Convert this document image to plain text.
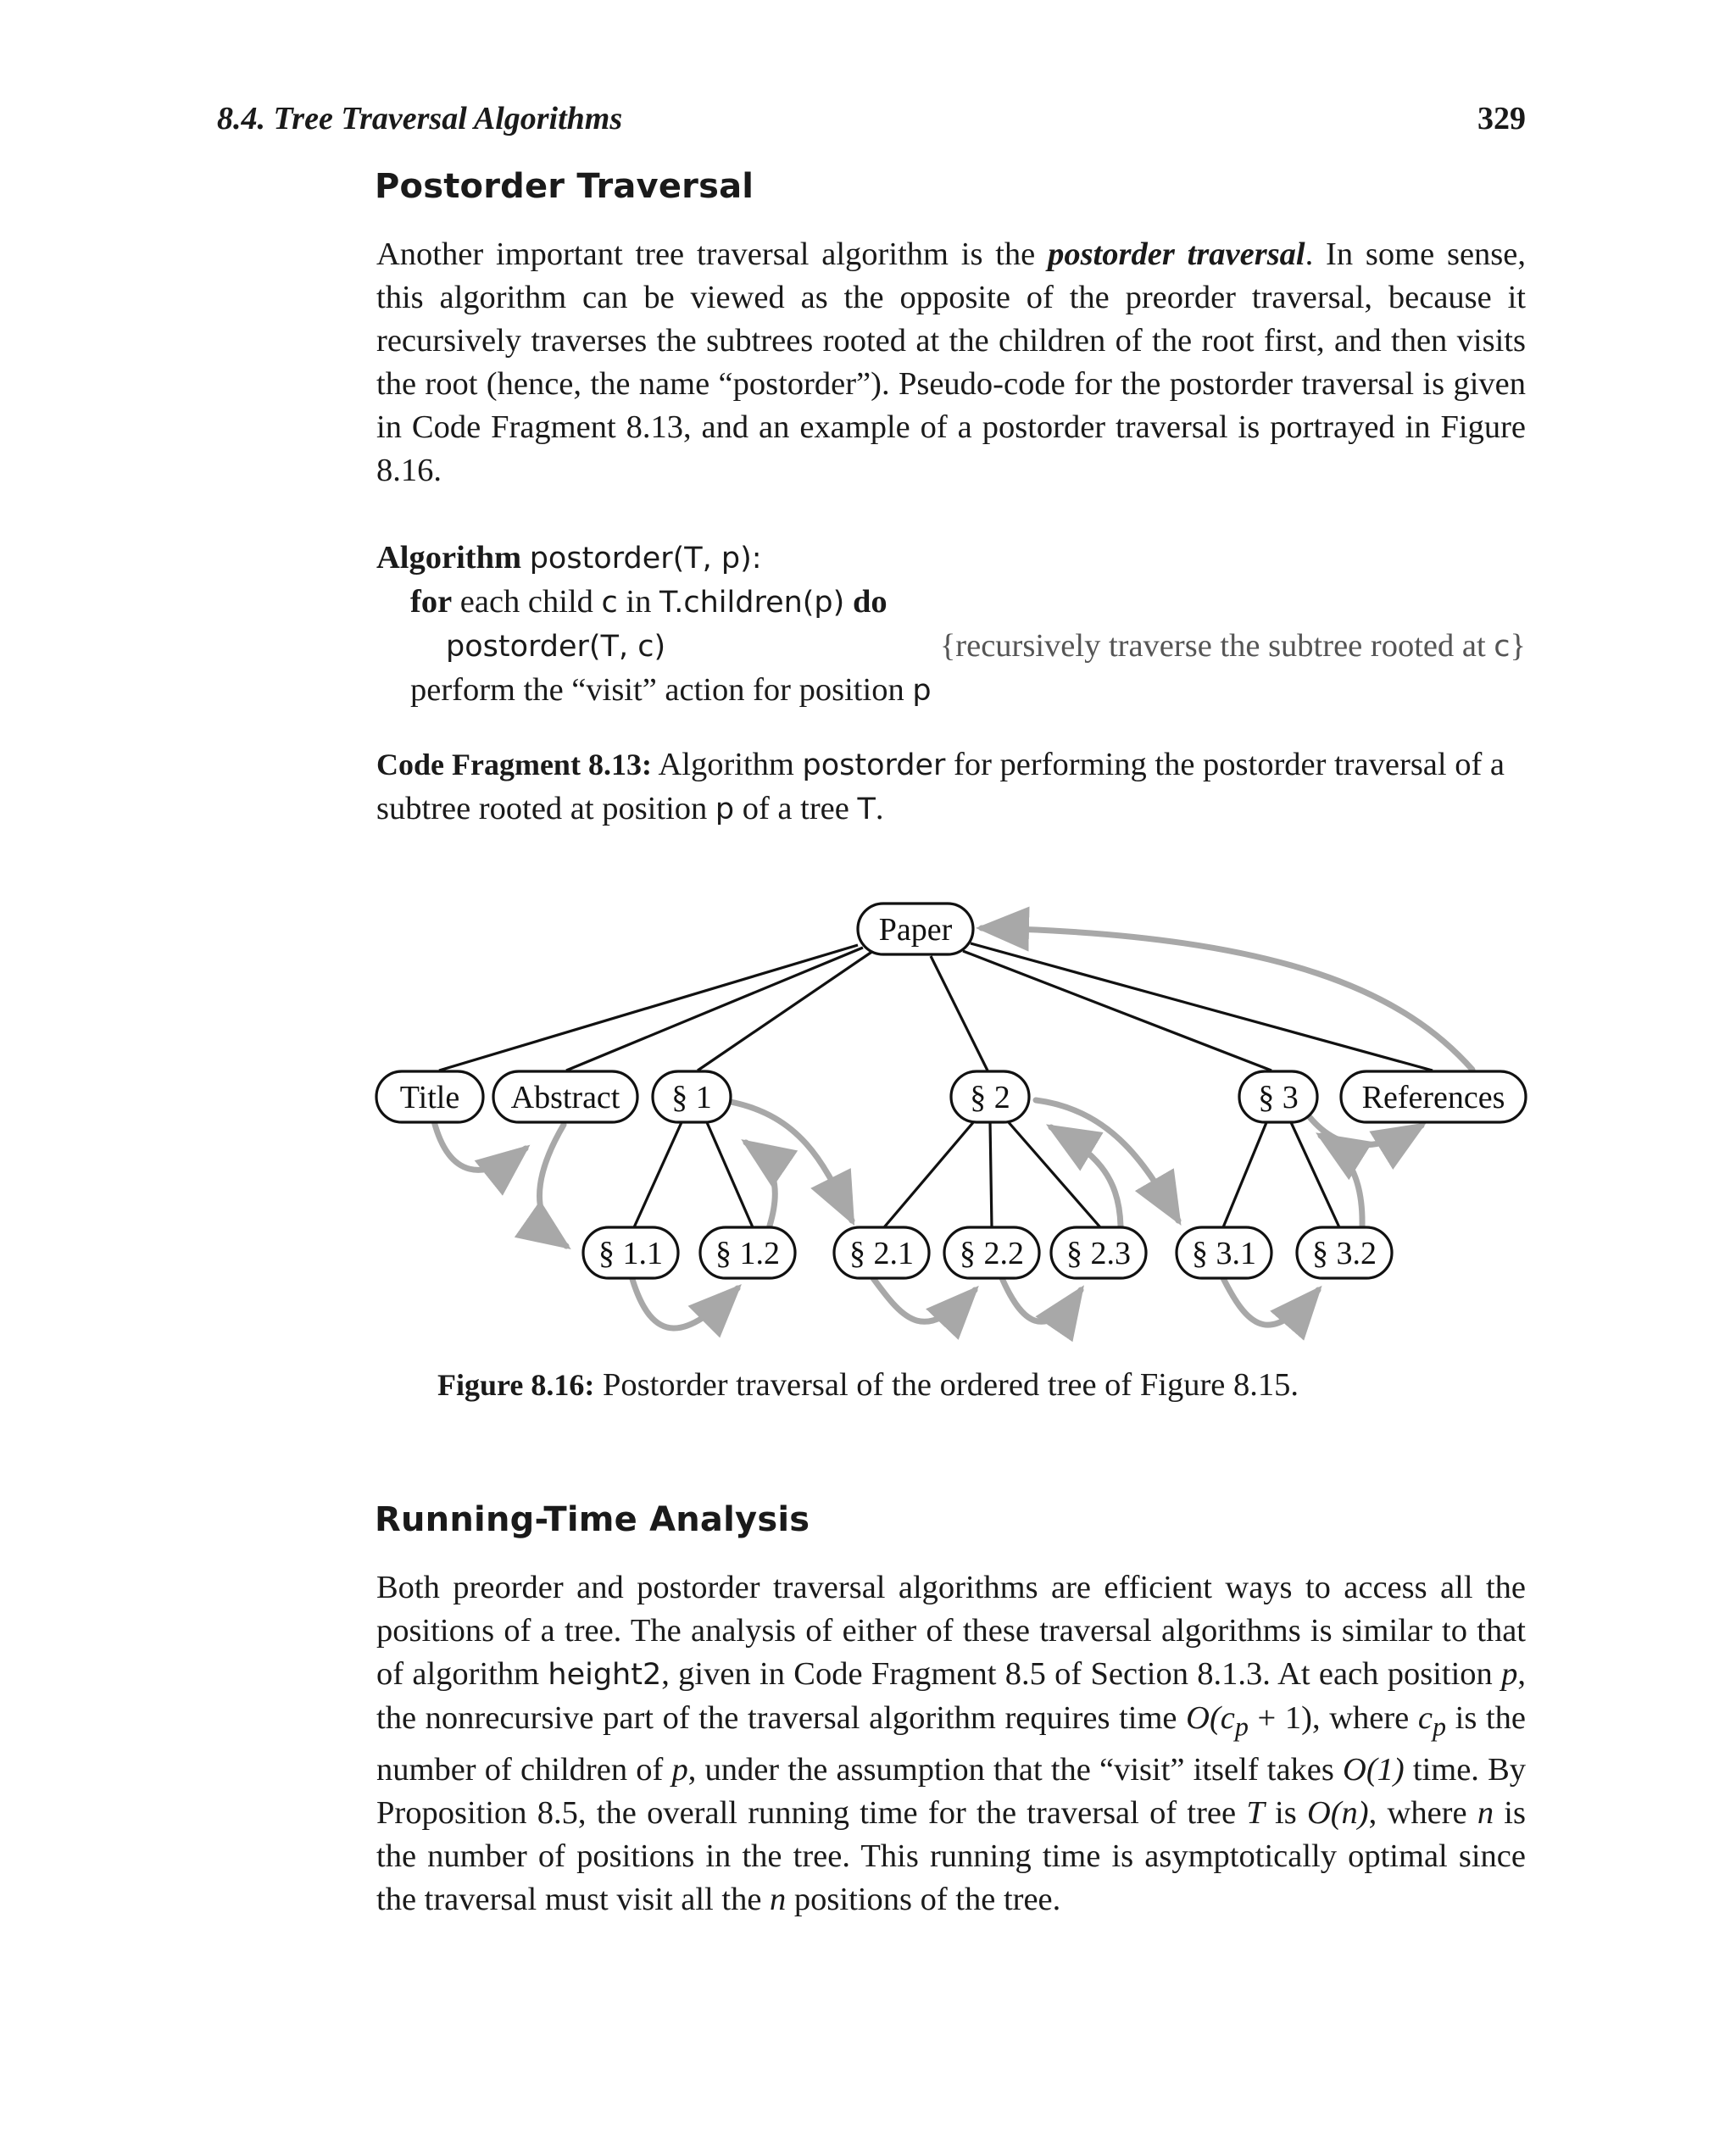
8.4. Tree Traversal Algorithms	329
Postorder Traversal

Another important tree traversal algorithm is the postorder traversal. In some sense, this algorithm can be viewed as the opposite of the preorder traversal, because it recursively traverses the subtrees rooted at the children of the root first, and then visits the root (hence, the name “postorder”). Pseudo-code for the postorder traversal is given in Code Fragment 8.13, and an example of a postorder traversal is portrayed in Figure 8.16.

Algorithm postorder(T, p):
for each child c in T.children(p) do
postorder(T, c)	{recursively traverse the subtree rooted at c}
perform the “visit” action for position p

Code Fragment 8.13: Algorithm postorder for performing the postorder traversal of a subtree rooted at position p of a tree T.

Paper
Title Abstract § 1	§ 2	§ 3 References
§ 1.1 § 1.2 § 2.1 § 2.2 § 2.3 § 3.1 § 3.2
Figure 8.16: Postorder traversal of the ordered tree of Figure 8.15.
Running-Time Analysis

Both preorder and postorder traversal algorithms are efficient ways to access all the positions of a tree. The analysis of either of these traversal algorithms is similar to that of algorithm height2, given in Code Fragment 8.5 of Section 8.1.3. At each position p, the nonrecursive part of the traversal algorithm requires time $O(c_p + 1)$, where $c_p$ is the number of children of p, under the assumption that the “visit” itself takes O(1) time. By Proposition 8.5, the overall running time for the traversal of tree T is O(n), where n is the number of positions in the tree. This running time is asymptotically optimal since the traversal must visit all the n positions of the tree.
